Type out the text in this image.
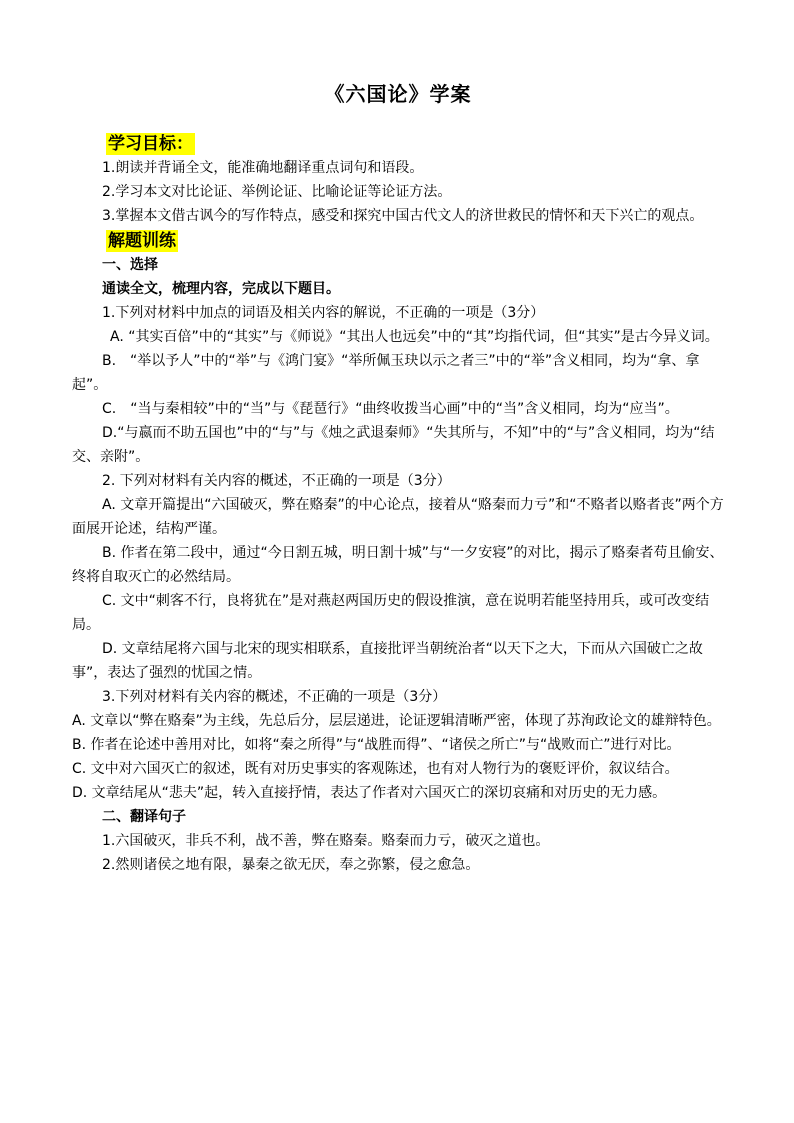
《六国论》学案
学习目标：

1.朗读并背诵全文，能准确地翻译重点词句和语段。

2.学习本文对比论证、举例论证、比喻论证等论证方法。

3.掌握本文借古讽今的写作特点，感受和探究中国古代文人的济世救民的情怀和天下兴亡的观点。

解题训练

一、选择

通读全文，梳理内容，完成以下题目。

1.下列对材料中加点的词语及相关内容的解说，不正确的一项是（3分）

A. “其实百倍”中的“其实”与《师说》“其出人也远矣”中的“其”均指代词，但“其实”是古今异义词。

B.　“举以予人”中的“举”与《鸿门宴》“举所佩玉玦以示之者三”中的“举”含义相同，均为“拿、拿起”。

C.　“当与秦相较”中的“当”与《琵琶行》“曲终收拨当心画”中的“当”含义相同，均为“应当”。

D.“与嬴而不助五国也”中的“与”与《烛之武退秦师》“失其所与，不知”中的“与”含义相同，均为“结交、亲附”。

2. 下列对材料有关内容的概述，不正确的一项是（3分）

A. 文章开篇提出“六国破灭，弊在赂秦”的中心论点，接着从“赂秦而力亏”和“不赂者以赂者丧”两个方面展开论述，结构严谨。

B. 作者在第二段中，通过“今日割五城，明日割十城”与“一夕安寝”的对比，揭示了赂秦者苟且偷安、终将自取灭亡的必然结局。

C. 文中“刺客不行，良将犹在”是对燕赵两国历史的假设推演，意在说明若能坚持用兵，或可改变结局。

D. 文章结尾将六国与北宋的现实相联系，直接批评当朝统治者“以天下之大，下而从六国破亡之故事”，表达了强烈的忧国之情。

3.下列对材料有关内容的概述，不正确的一项是（3分）

A. 文章以“弊在赂秦”为主线，先总后分，层层递进，论证逻辑清晰严密，体现了苏洵政论文的雄辩特色。

B. 作者在论述中善用对比，如将“秦之所得”与“战胜而得”、“诸侯之所亡”与“战败而亡”进行对比。

C. 文中对六国灭亡的叙述，既有对历史事实的客观陈述，也有对人物行为的褒贬评价，叙议结合。

D. 文章结尾从“悲夫”起，转入直接抒情，表达了作者对六国灭亡的深切哀痛和对历史的无力感。

二、翻译句子

1.六国破灭，非兵不利，战不善，弊在赂秦。赂秦而力亏，破灭之道也。

2.然则诸侯之地有限，暴秦之欲无厌，奉之弥繁，侵之愈急。
